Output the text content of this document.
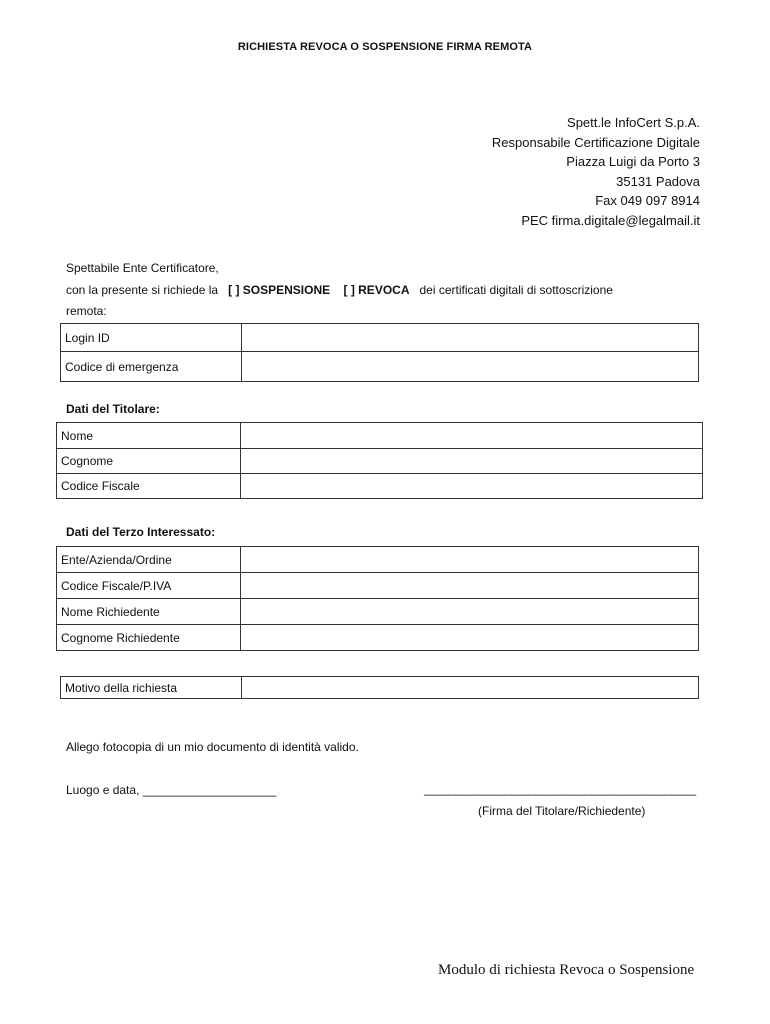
RICHIESTA REVOCA O SOSPENSIONE FIRMA REMOTA
Spett.le InfoCert S.p.A.
Responsabile Certificazione Digitale
Piazza Luigi da Porto 3
35131 Padova
Fax 049 097 8914
PEC firma.digitale@legalmail.it
Spettabile Ente Certificatore,
con la presente si richiede la [ ] SOSPENSIONE [ ] REVOCA dei certificati digitali di sottoscrizione
remota:
Login ID	
Codice di emergenza	
Dati del Titolare:
Nome	
Cognome	
Codice Fiscale	
Dati del Terzo Interessato:
Ente/Azienda/Ordine	
Codice Fiscale/P.IVA	
Nome Richiedente	
Cognome Richiedente	
Motivo della richiesta	
Allego fotocopia di un mio documento di identità valido.
Luogo e data, ____________________	____________________________________________
(Firma del Titolare/Richiedente)
Modulo di richiesta Revoca o Sospensione
